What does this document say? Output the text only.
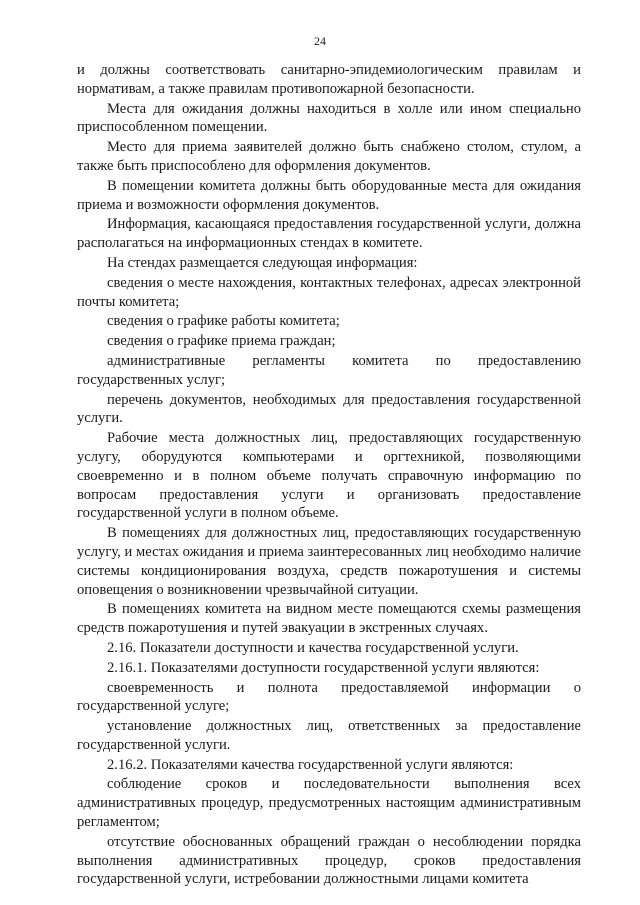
24

и должны соответствовать санитарно-эпидемиологическим правилам и нормативам, а также правилам противопожарной безопасности.

Места для ожидания должны находиться в холле или ином специально приспособленном помещении.

Место для приема заявителей должно быть снабжено столом, стулом, а также быть приспособлено для оформления документов.

В помещении комитета должны быть оборудованные места для ожидания приема и возможности оформления документов.

Информация, касающаяся предоставления государственной услуги, должна располагаться на информационных стендах в комитете.

На стендах размещается следующая информация:

сведения о месте нахождения, контактных телефонах, адресах электронной почты комитета;

сведения о графике работы комитета;

сведения о графике приема граждан;

административные регламенты комитета по предоставлению государственных услуг;

перечень документов, необходимых для предоставления государственной услуги.

Рабочие места должностных лиц, предоставляющих государственную услугу, оборудуются компьютерами и оргтехникой, позволяющими своевременно и в полном объеме получать справочную информацию по вопросам предоставления услуги и организовать предоставление государственной услуги в полном объеме.

В помещениях для должностных лиц, предоставляющих государственную услугу, и местах ожидания и приема заинтересованных лиц необходимо наличие системы кондиционирования воздуха, средств пожаротушения и системы оповещения о возникновении чрезвычайной ситуации.

В помещениях комитета на видном месте помещаются схемы размещения средств пожаротушения и путей эвакуации в экстренных случаях.

2.16. Показатели доступности и качества государственной услуги.

2.16.1. Показателями доступности государственной услуги являются:

своевременность и полнота предоставляемой информации о государственной услуге;

установление должностных лиц, ответственных за предоставление государственной услуги.

2.16.2. Показателями качества государственной услуги являются:

соблюдение сроков и последовательности выполнения всех административных процедур, предусмотренных настоящим административным регламентом;

отсутствие обоснованных обращений граждан о несоблюдении порядка выполнения административных процедур, сроков предоставления государственной услуги, истребовании должностными лицами комитета
